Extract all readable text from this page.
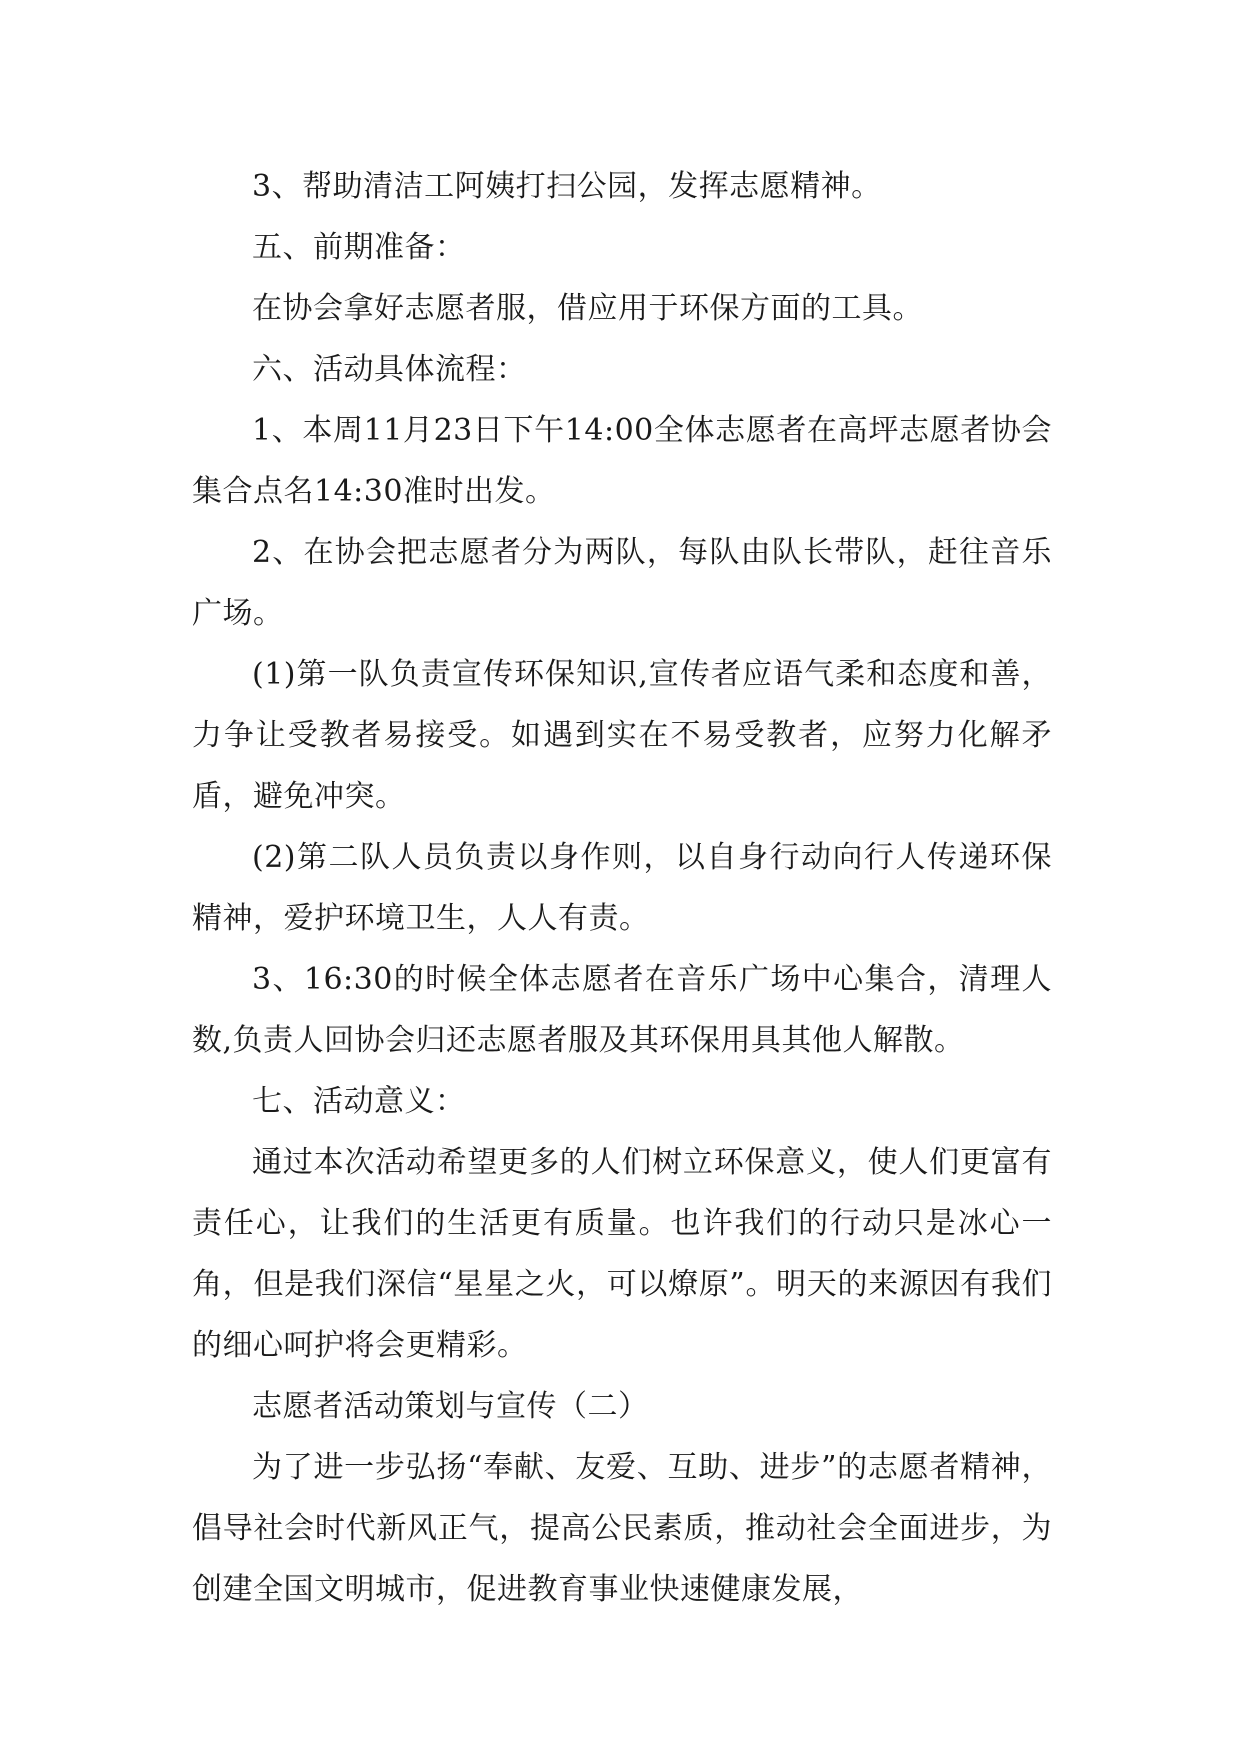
3、帮助清洁工阿姨打扫公园，发挥志愿精神。

五、前期准备：

在协会拿好志愿者服，借应用于环保方面的工具。

六、活动具体流程：

1、本周11月23日下午14:00全体志愿者在高坪志愿者协会集合点名14:30准时出发。

2、在协会把志愿者分为两队，每队由队长带队，赶往音乐广场。

(1)第一队负责宣传环保知识,宣传者应语气柔和态度和善，力争让受教者易接受。如遇到实在不易受教者，应努力化解矛盾，避免冲突。

(2)第二队人员负责以身作则，以自身行动向行人传递环保精神，爱护环境卫生，人人有责。

3、16:30的时候全体志愿者在音乐广场中心集合，清理人数,负责人回协会归还志愿者服及其环保用具其他人解散。

七、活动意义：

通过本次活动希望更多的人们树立环保意义，使人们更富有责任心，让我们的生活更有质量。也许我们的行动只是冰心一角，但是我们深信“星星之火，可以燎原”。明天的来源因有我们的细心呵护将会更精彩。

志愿者活动策划与宣传（二）

为了进一步弘扬“奉献、友爱、互助、进步”的志愿者精神，倡导社会时代新风正气，提高公民素质，推动社会全面进步，为创建全国文明城市，促进教育事业快速健康发展，
